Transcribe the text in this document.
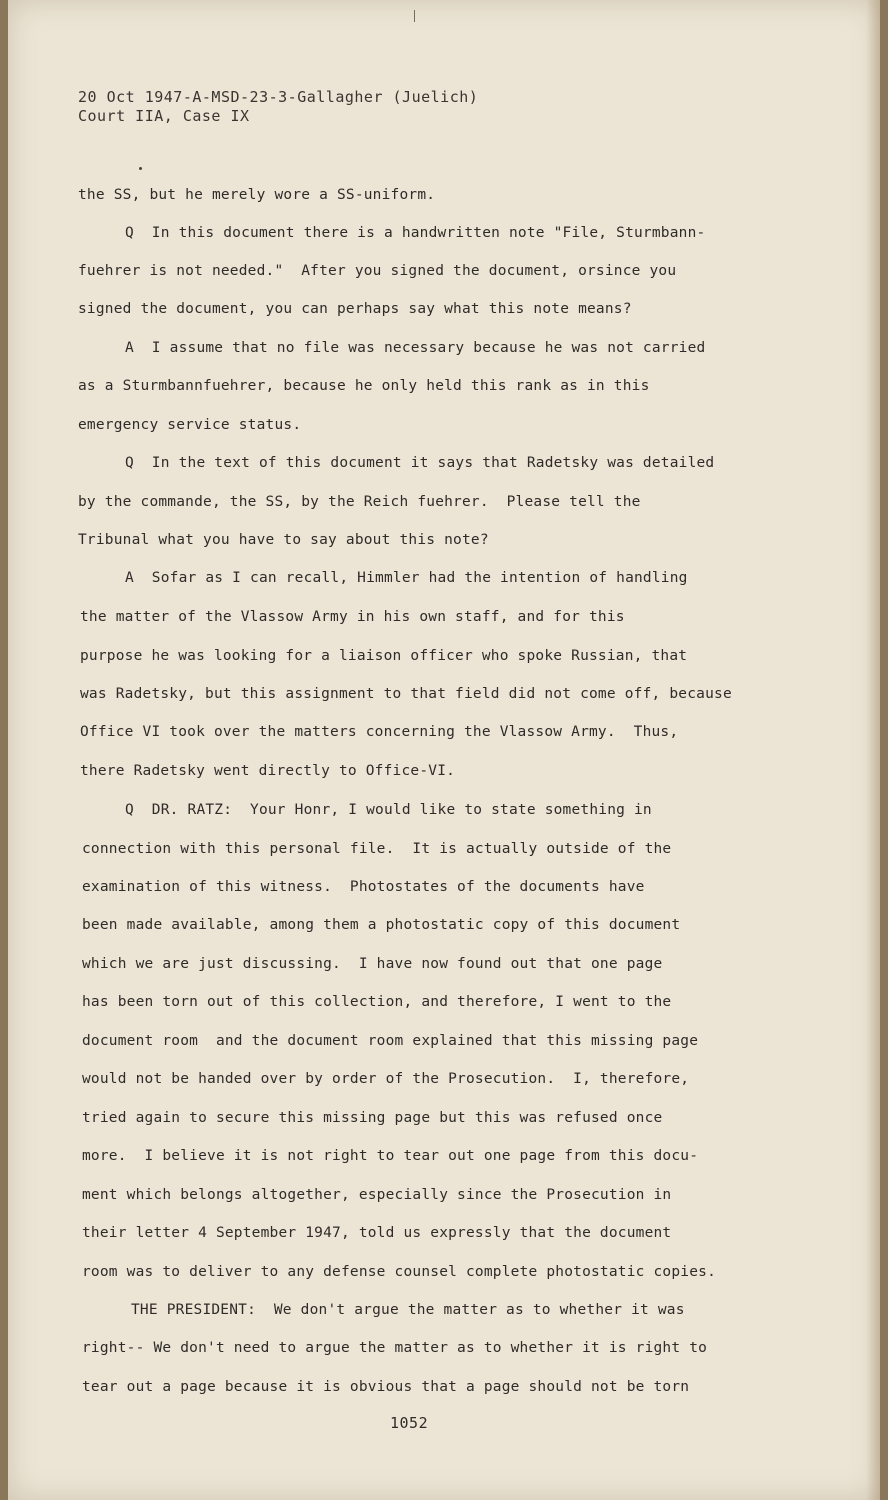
20 Oct 1947-A-MSD-23-3-Gallagher (Juelich)
Court IIA, Case IX
the SS, but he merely wore a SS-uniform.
Q  In this document there is a handwritten note "File, Sturmbann-
fuehrer is not needed."  After you signed the document, orsince you
signed the document, you can perhaps say what this note means?
A  I assume that no file was necessary because he was not carried
as a Sturmbannfuehrer, because he only held this rank as in this
emergency service status.
Q  In the text of this document it says that Radetsky was detailed
by the commande, the SS, by the Reich fuehrer.  Please tell the
Tribunal what you have to say about this note?
A  Sofar as I can recall, Himmler had the intention of handling
the matter of the Vlassow Army in his own staff, and for this
purpose he was looking for a liaison officer who spoke Russian, that
was Radetsky, but this assignment to that field did not come off, because
Office VI took over the matters concerning the Vlassow Army.  Thus,
there Radetsky went directly to Office-VI.
Q  DR. RATZ:  Your Honr, I would like to state something in
connection with this personal file.  It is actually outside of the
examination of this witness.  Photostates of the documents have
been made available, among them a photostatic copy of this document
which we are just discussing.  I have now found out that one page
has been torn out of this collection, and therefore, I went to the
document room  and the document room explained that this missing page
would not be handed over by order of the Prosecution.  I, therefore,
tried again to secure this missing page but this was refused once
more.  I believe it is not right to tear out one page from this docu-
ment which belongs altogether, especially since the Prosecution in
their letter 4 September 1947, told us expressly that the document
room was to deliver to any defense counsel complete photostatic copies.
THE PRESIDENT:  We don't argue the matter as to whether it was
right-- We don't need to argue the matter as to whether it is right to
tear out a page because it is obvious that a page should not be torn
1052
